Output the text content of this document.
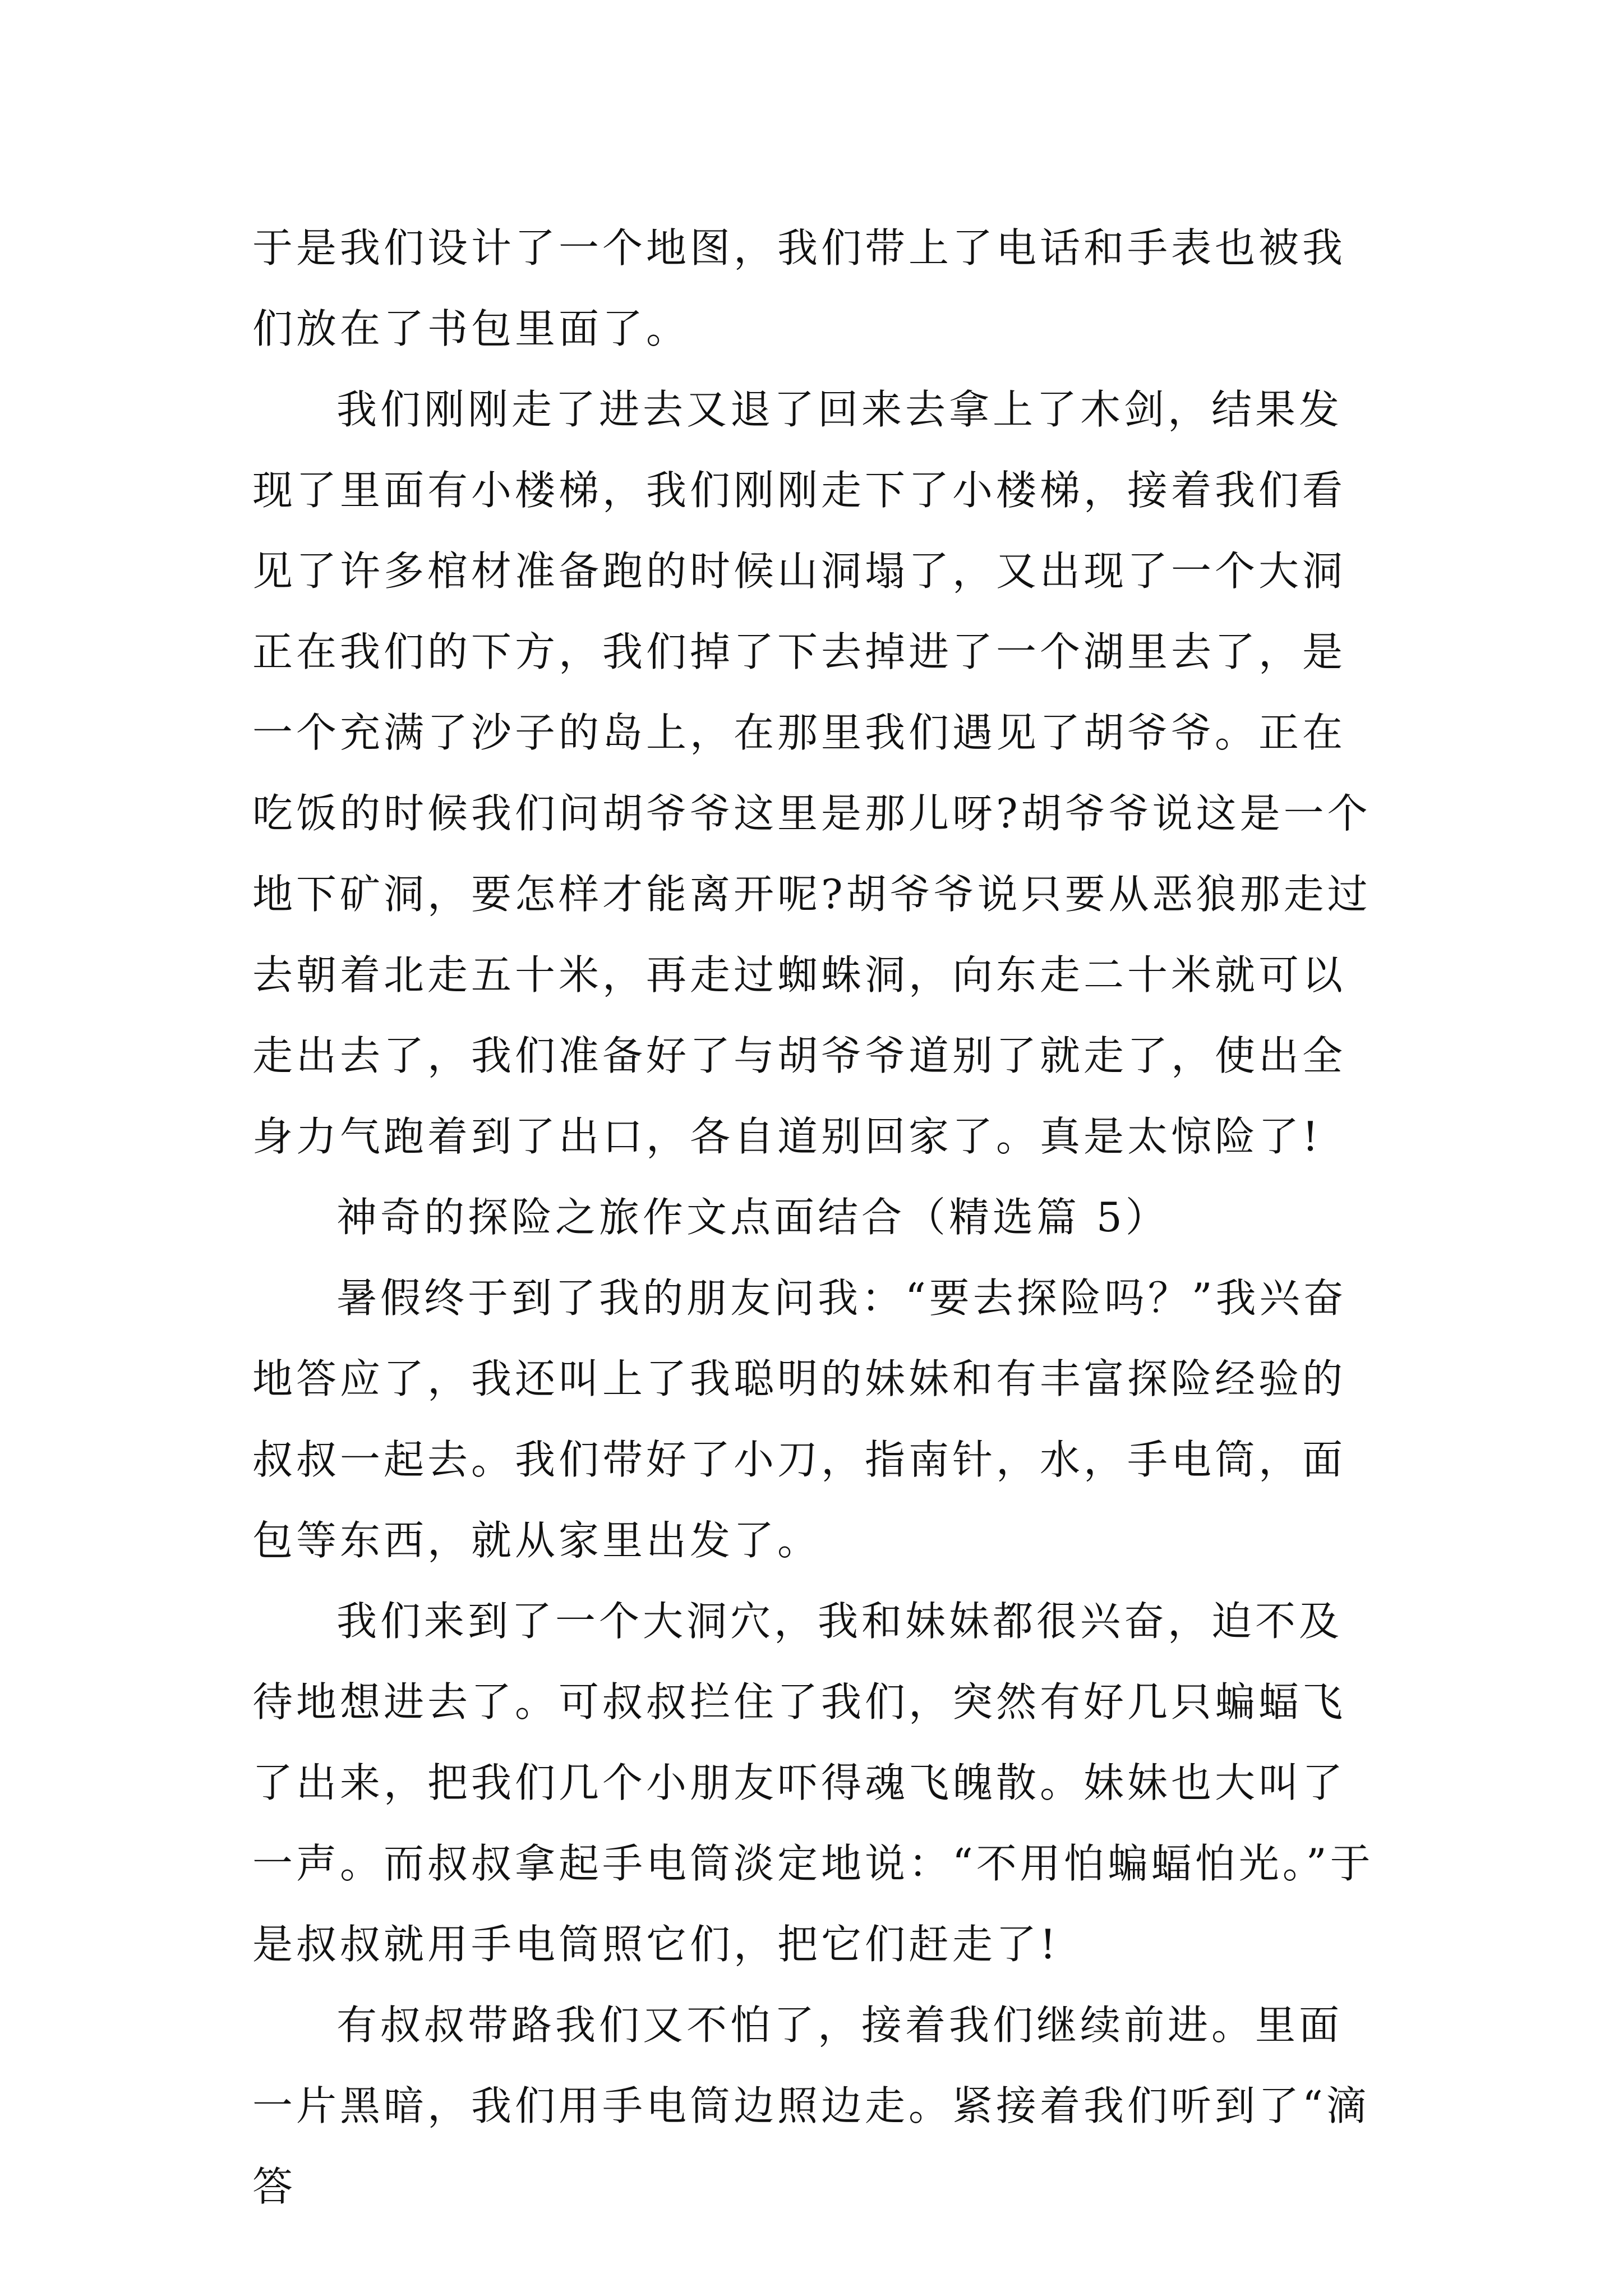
于是我们设计了一个地图，我们带上了电话和手表也被我们放在了书包里面了。

我们刚刚走了进去又退了回来去拿上了木剑，结果发现了里面有小楼梯，我们刚刚走下了小楼梯，接着我们看见了许多棺材准备跑的时候山洞塌了，又出现了一个大洞正在我们的下方，我们掉了下去掉进了一个湖里去了，是一个充满了沙子的岛上，在那里我们遇见了胡爷爷。正在吃饭的时候我们问胡爷爷这里是那儿呀?胡爷爷说这是一个地下矿洞，要怎样才能离开呢?胡爷爷说只要从恶狼那走过去朝着北走五十米，再走过蜘蛛洞，向东走二十米就可以走出去了，我们准备好了与胡爷爷道别了就走了，使出全身力气跑着到了出口，各自道别回家了。真是太惊险了!

神奇的探险之旅作文点面结合（精选篇 5）

暑假终于到了我的朋友问我：“要去探险吗？”我兴奋地答应了，我还叫上了我聪明的妹妹和有丰富探险经验的叔叔一起去。我们带好了小刀，指南针，水，手电筒，面包等东西，就从家里出发了。

我们来到了一个大洞穴，我和妹妹都很兴奋，迫不及待地想进去了。可叔叔拦住了我们，突然有好几只蝙蝠飞了出来，把我们几个小朋友吓得魂飞魄散。妹妹也大叫了一声。而叔叔拿起手电筒淡定地说：“不用怕蝙蝠怕光。”于是叔叔就用手电筒照它们，把它们赶走了!

有叔叔带路我们又不怕了，接着我们继续前进。里面一片黑暗，我们用手电筒边照边走。紧接着我们听到了“滴答
